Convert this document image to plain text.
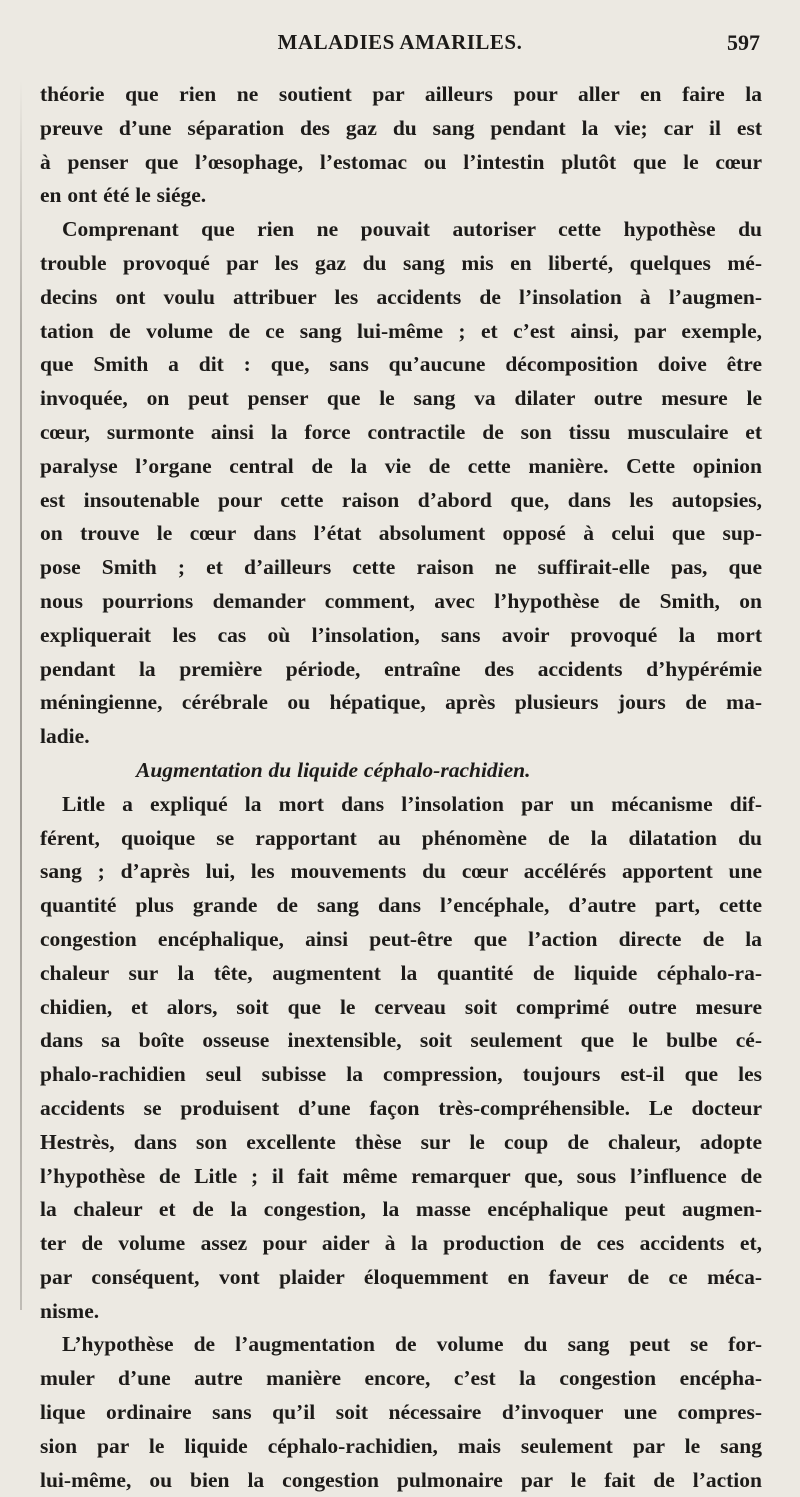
MALADIES AMARILES.	597
théorie que rien ne soutient par ailleurs pour aller en faire la
preuve d’une séparation des gaz du sang pendant la vie; car il est
à penser que l’œsophage, l’estomac ou l’intestin plutôt que le cœur
en ont été le siége.
Comprenant que rien ne pouvait autoriser cette hypothèse du
trouble provoqué par les gaz du sang mis en liberté, quelques mé-
decins ont voulu attribuer les accidents de l’insolation à l’augmen-
tation de volume de ce sang lui-même ; et c’est ainsi, par exemple,
que Smith a dit : que, sans qu’aucune décomposition doive être
invoquée, on peut penser que le sang va dilater outre mesure le
cœur, surmonte ainsi la force contractile de son tissu musculaire et
paralyse l’organe central de la vie de cette manière. Cette opinion
est insoutenable pour cette raison d’abord que, dans les autopsies,
on trouve le cœur dans l’état absolument opposé à celui que sup-
pose Smith ; et d’ailleurs cette raison ne suffirait-elle pas, que
nous pourrions demander comment, avec l’hypothèse de Smith, on
expliquerait les cas où l’insolation, sans avoir provoqué la mort
pendant la première période, entraîne des accidents d’hypérémie
méningienne, cérébrale ou hépatique, après plusieurs jours de ma-
ladie.
Augmentation du liquide céphalo-rachidien.
Litle a expliqué la mort dans l’insolation par un mécanisme dif-
férent, quoique se rapportant au phénomène de la dilatation du
sang ; d’après lui, les mouvements du cœur accélérés apportent une
quantité plus grande de sang dans l’encéphale, d’autre part, cette
congestion encéphalique, ainsi peut-être que l’action directe de la
chaleur sur la tête, augmentent la quantité de liquide céphalo-ra-
chidien, et alors, soit que le cerveau soit comprimé outre mesure
dans sa boîte osseuse inextensible, soit seulement que le bulbe cé-
phalo-rachidien seul subisse la compression, toujours est-il que les
accidents se produisent d’une façon très-compréhensible. Le docteur
Hestrès, dans son excellente thèse sur le coup de chaleur, adopte
l’hypothèse de Litle ; il fait même remarquer que, sous l’influence de
la chaleur et de la congestion, la masse encéphalique peut augmen-
ter de volume assez pour aider à la production de ces accidents et,
par conséquent, vont plaider éloquemment en faveur de ce méca-
nisme.
L’hypothèse de l’augmentation de volume du sang peut se for-
muler d’une autre manière encore, c’est la congestion encépha-
lique ordinaire sans qu’il soit nécessaire d’invoquer une compres-
sion par le liquide céphalo-rachidien, mais seulement par le sang
lui-même, ou bien la congestion pulmonaire par le fait de l’action
